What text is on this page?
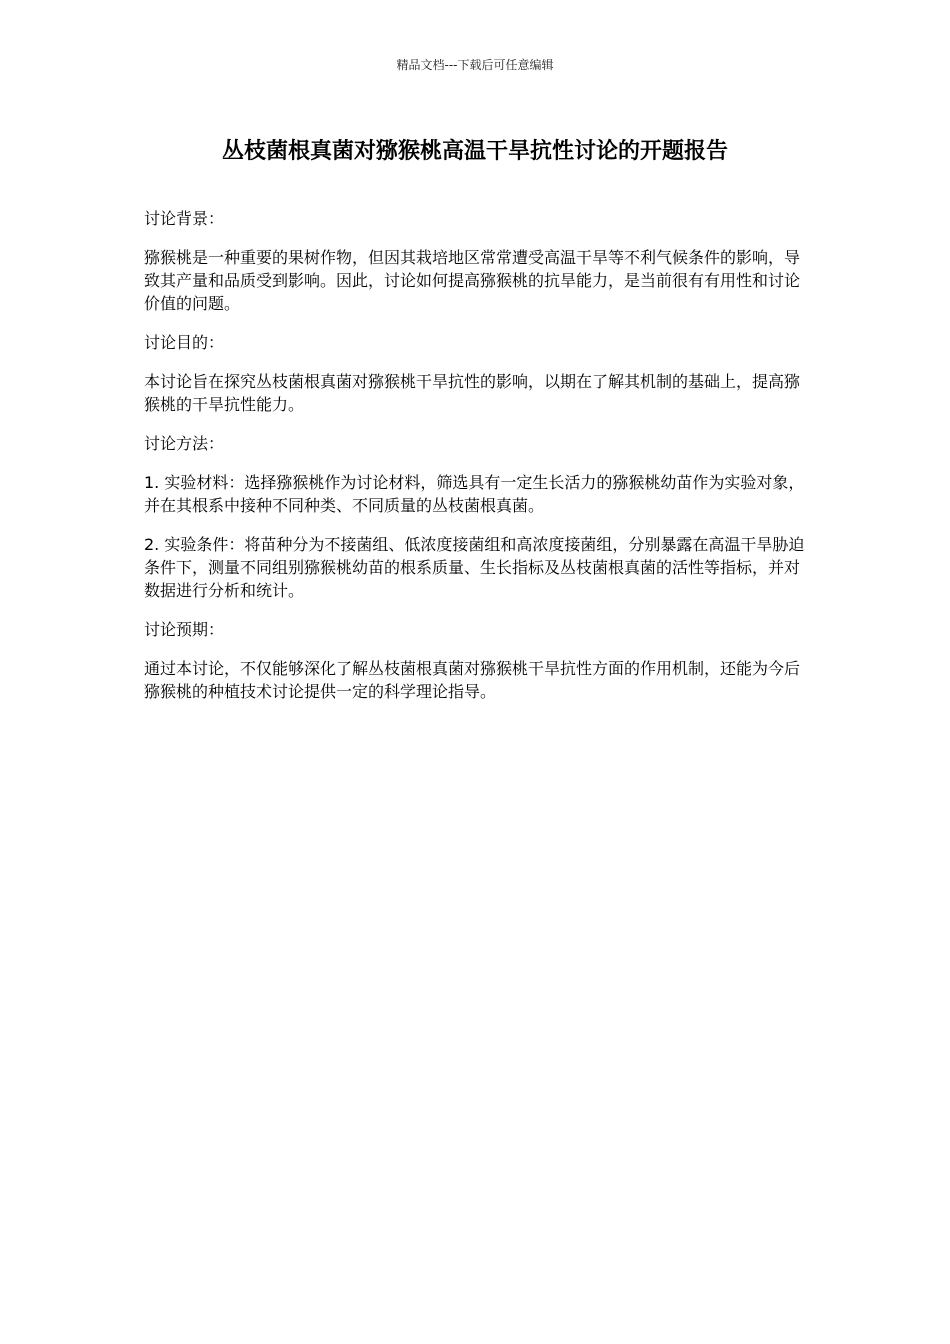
精品文档---下载后可任意编辑
丛枝菌根真菌对猕猴桃高温干旱抗性讨论的开题报告

讨论背景：

猕猴桃是一种重要的果树作物，但因其栽培地区常常遭受高温干旱等不利气候条件的影响，导致其产量和品质受到影响。因此，讨论如何提高猕猴桃的抗旱能力，是当前很有有用性和讨论价值的问题。

讨论目的：

本讨论旨在探究丛枝菌根真菌对猕猴桃干旱抗性的影响，以期在了解其机制的基础上，提高猕猴桃的干旱抗性能力。

讨论方法：

1. 实验材料：选择猕猴桃作为讨论材料，筛选具有一定生长活力的猕猴桃幼苗作为实验对象，并在其根系中接种不同种类、不同质量的丛枝菌根真菌。

2. 实验条件：将苗种分为不接菌组、低浓度接菌组和高浓度接菌组，分别暴露在高温干旱胁迫条件下，测量不同组别猕猴桃幼苗的根系质量、生长指标及丛枝菌根真菌的活性等指标，并对数据进行分析和统计。

讨论预期：

通过本讨论，不仅能够深化了解丛枝菌根真菌对猕猴桃干旱抗性方面的作用机制，还能为今后猕猴桃的种植技术讨论提供一定的科学理论指导。
